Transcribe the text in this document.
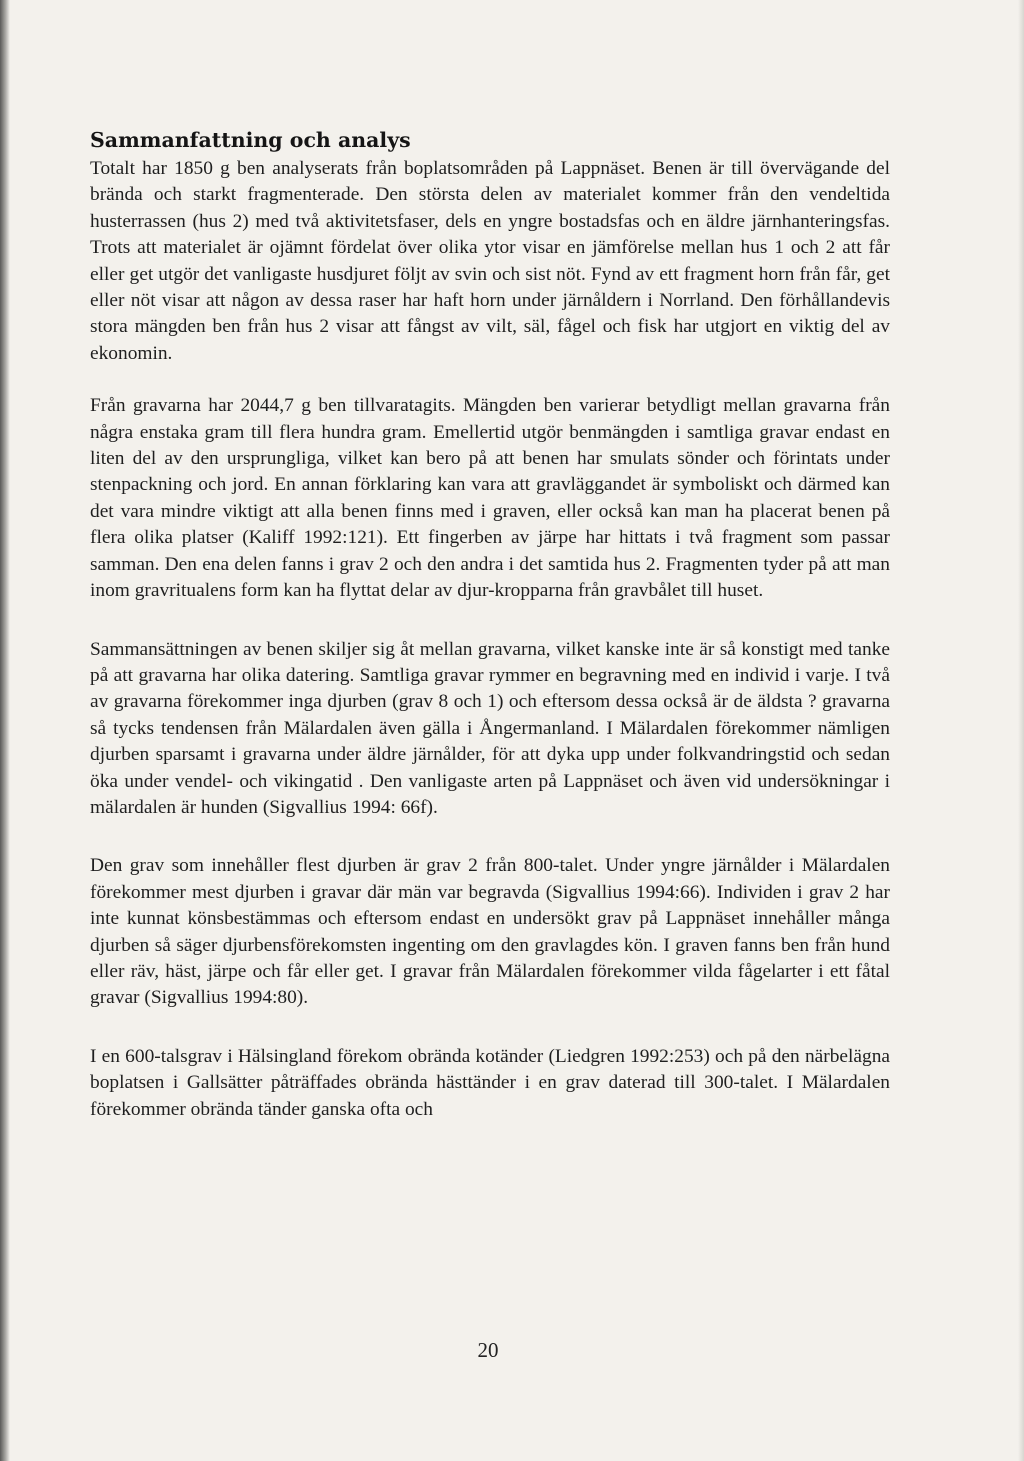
Sammanfattning och analys

Totalt har 1850 g ben analyserats från boplatsområden på Lappnäset. Benen är till övervägande del brända och starkt fragmenterade. Den största delen av materialet kommer från den vendeltida husterrassen (hus 2) med två aktivitetsfaser, dels en yngre bostadsfas och en äldre järnhanteringsfas. Trots att materialet är ojämnt fördelat över olika ytor visar en jämförelse mellan hus 1 och 2 att får eller get utgör det vanligaste husdjuret följt av svin och sist nöt. Fynd av ett fragment horn från får, get eller nöt visar att någon av dessa raser har haft horn under järnåldern i Norrland. Den förhållandevis stora mängden ben från hus 2 visar att fångst av vilt, säl, fågel och fisk har utgjort en viktig del av ekonomin.

Från gravarna har 2044,7 g ben tillvaratagits. Mängden ben varierar betydligt mellan gravarna från några enstaka gram till flera hundra gram. Emellertid utgör benmängden i samtliga gravar endast en liten del av den ursprungliga, vilket kan bero på att benen har smulats sönder och förintats under stenpackning och jord. En annan förklaring kan vara att gravläggandet är symboliskt och därmed kan det vara mindre viktigt att alla benen finns med i graven, eller också kan man ha placerat benen på flera olika platser (Kaliff 1992:121). Ett fingerben av järpe har hittats i två fragment som passar samman. Den ena delen fanns i grav 2 och den andra i det samtida hus 2. Fragmenten tyder på att man inom gravritualens form kan ha flyttat delar av djur-kropparna från gravbålet till huset.

Sammansättningen av benen skiljer sig åt mellan gravarna, vilket kanske inte är så konstigt med tanke på att gravarna har olika datering. Samtliga gravar rymmer en begravning med en individ i varje. I två av gravarna förekommer inga djurben (grav 8 och 1) och eftersom dessa också är de äldsta ? gravarna så tycks tendensen från Mälardalen även gälla i Ångermanland. I Mälardalen förekommer nämligen djurben sparsamt i gravarna under äldre järnålder, för att dyka upp under folkvandringstid och sedan öka under vendel- och vikingatid . Den vanligaste arten på Lappnäset och även vid undersökningar i mälardalen är hunden (Sigvallius 1994: 66f).

Den grav som innehåller flest djurben är grav 2 från 800-talet. Under yngre järnålder i Mälardalen förekommer mest djurben i gravar där män var begravda (Sigvallius 1994:66). Individen i grav 2 har inte kunnat könsbestämmas och eftersom endast en undersökt grav på Lappnäset innehåller många djurben så säger djurbensförekomsten ingenting om den gravlagdes kön. I graven fanns ben från hund eller räv, häst, järpe och får eller get. I gravar från Mälardalen förekommer vilda fågelarter i ett fåtal gravar (Sigvallius 1994:80).

I en 600-talsgrav i Hälsingland förekom obrända kotänder (Liedgren 1992:253) och på den närbelägna boplatsen i Gallsätter påträffades obrända hästtänder i en grav daterad till 300-talet. I Mälardalen förekommer obrända tänder ganska ofta och

20
